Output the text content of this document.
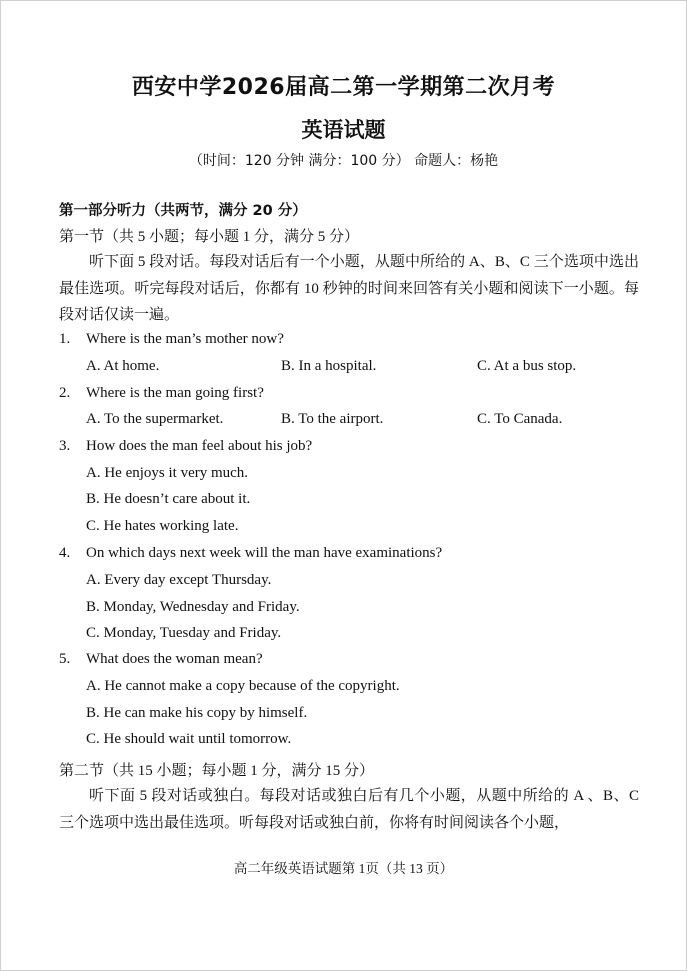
西安中学2026届高二第一学期第二次月考
英语试题
（时间：120 分钟 满分：100 分） 命题人：杨艳
第一部分听力（共两节，满分 20 分）
第一节（共 5 小题；每小题 1 分，满分 5 分）
听下面 5 段对话。每段对话后有一个小题，从题中所给的 A、B、C 三个选项中选出最佳选项。听完每段对话后，你都有 10 秒钟的时间来回答有关小题和阅读下一小题。每段对话仅读一遍。
1. Where is the man’s mother now?
A. At home.	B. In a hospital.	C. At a bus stop.
2. Where is the man going first?
A. To the supermarket.	B. To the airport.	C. To Canada.
3. How does the man feel about his job?
A. He enjoys it very much.
B. He doesn’t care about it.
C. He hates working late.
4. On which days next week will the man have examinations?
A. Every day except Thursday.
B. Monday, Wednesday and Friday.
C. Monday, Tuesday and Friday.
5. What does the woman mean?
A. He cannot make a copy because of the copyright.
B. He can make his copy by himself.
C. He should wait until tomorrow.
第二节（共 15 小题；每小题 1 分，满分 15 分）
听下面 5 段对话或独白。每段对话或独白后有几个小题，从题中所给的 A 、B、C 三个选项中选出最佳选项。听每段对话或独白前，你将有时间阅读各个小题，
高二年级英语试题第 1页（共 13 页）
